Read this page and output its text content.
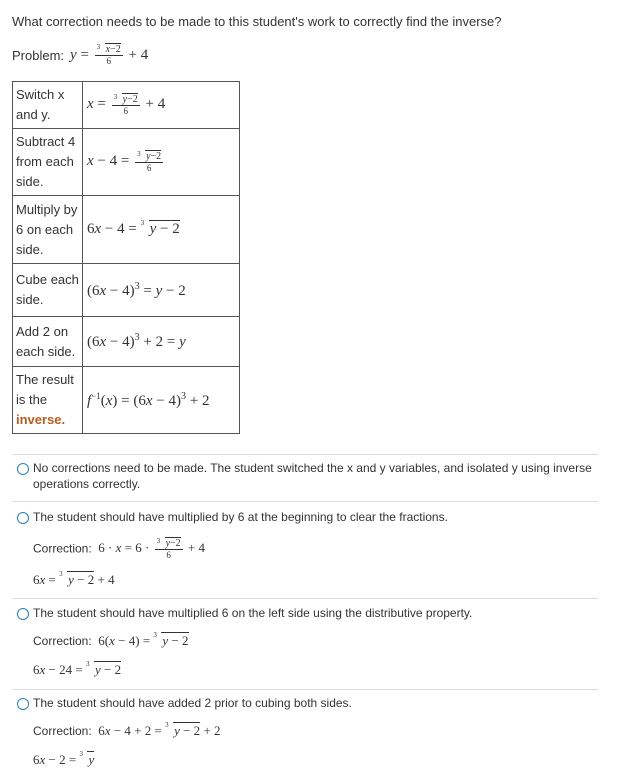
What correction needs to be made to this student's work to correctly find the inverse?
Problem: $y = \frac{3 x-2}{6} + 4$
Switch x and y.	$x = \frac{3 y-2}{6} + 4$
Subtract 4 from each side.	$x - 4 = \frac{3 y-2}{6}$

Multiply by 6 on each side.	6x − 4 = 3 y − 2
Cube each side.	$(6x - 4)^3 = y - 2$
Add 2 on each side.	$(6x - 4)^3 + 2 = y$
The result is the
inverse.	$f^{-1}(x) = (6x - 4)^3 + 2$
No corrections need to be made. The student switched the x and y variables, and isolated y using inverse operations correctly.
The student should have multiplied by 6 at the beginning to clear the fractions.
Correction:  $6 \cdot x = 6 \cdot \frac{3 y-2}{6} + 4$
6x = 3 y − 2 + 4
The student should have multiplied 6 on the left side using the distributive property.
Correction:  6(x − 4) = 3 y − 2
6x − 24 = 3 y − 2
The student should have added 2 prior to cubing both sides.
Correction:  6x − 4 + 2 = 3 y − 2 + 2
6x − 2 = 3 y
